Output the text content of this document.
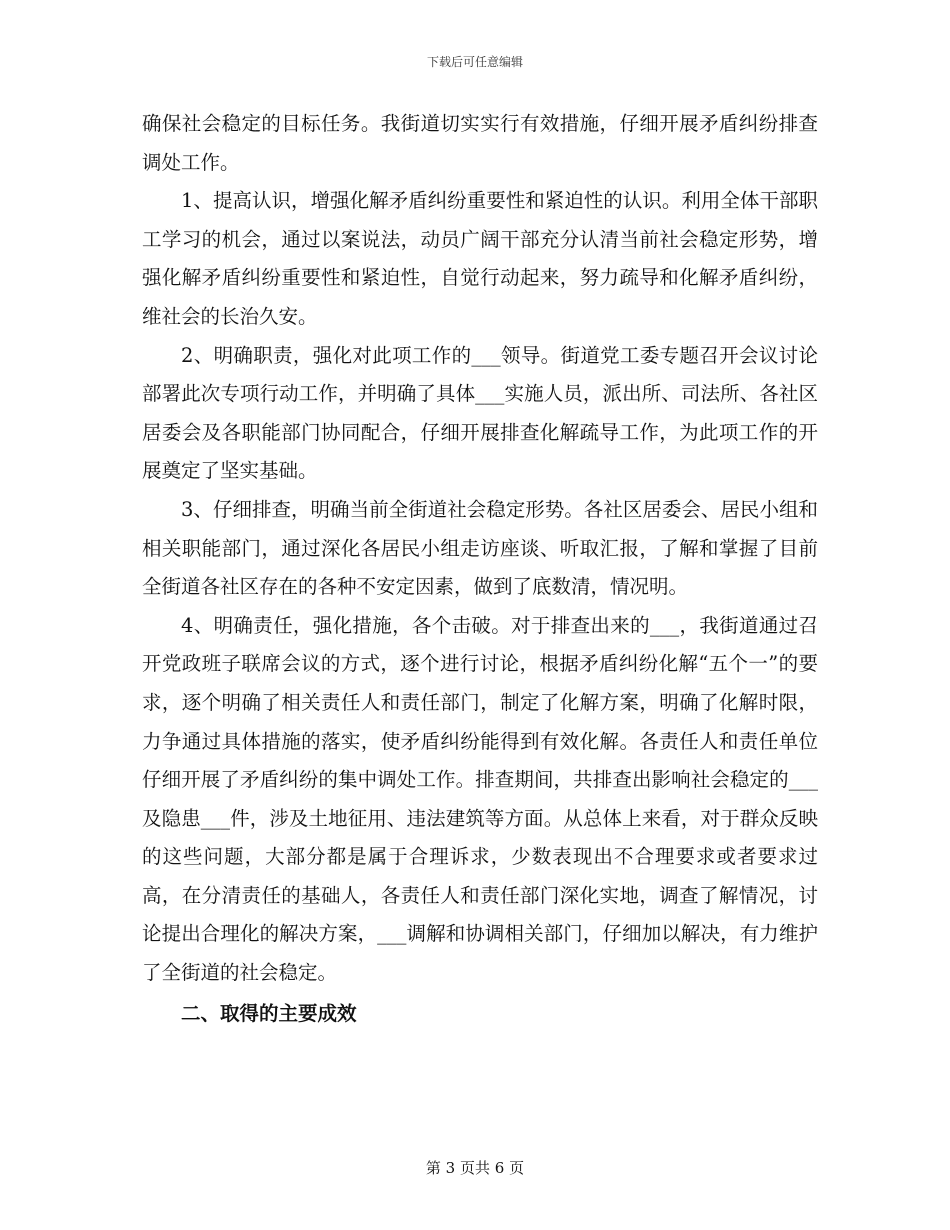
下载后可任意编辑

确保社会稳定的目标任务。我街道切实实行有效措施，仔细开展矛盾纠纷排查调处工作。

1、提高认识，增强化解矛盾纠纷重要性和紧迫性的认识。利用全体干部职工学习的机会，通过以案说法，动员广阔干部充分认清当前社会稳定形势，增强化解矛盾纠纷重要性和紧迫性，自觉行动起来，努力疏导和化解矛盾纠纷，维社会的长治久安。

2、明确职责，强化对此项工作的___领导。街道党工委专题召开会议讨论部署此次专项行动工作，并明确了具体___实施人员，派出所、司法所、各社区居委会及各职能部门协同配合，仔细开展排查化解疏导工作，为此项工作的开展奠定了坚实基础。

3、仔细排查，明确当前全街道社会稳定形势。各社区居委会、居民小组和相关职能部门，通过深化各居民小组走访座谈、听取汇报，了解和掌握了目前全街道各社区存在的各种不安定因素，做到了底数清，情况明。

4、明确责任，强化措施，各个击破。对于排查出来的___，我街道通过召开党政班子联席会议的方式，逐个进行讨论，根据矛盾纠纷化解“五个一”的要求，逐个明确了相关责任人和责任部门，制定了化解方案，明确了化解时限，力争通过具体措施的落实，使矛盾纠纷能得到有效化解。各责任人和责任单位仔细开展了矛盾纠纷的集中调处工作。排查期间，共排查出影响社会稳定的___及隐患___件，涉及土地征用、违法建筑等方面。从总体上来看，对于群众反映的这些问题，大部分都是属于合理诉求，少数表现出不合理要求或者要求过高，在分清责任的基础人，各责任人和责任部门深化实地，调查了解情况，讨论提出合理化的解决方案，___调解和协调相关部门，仔细加以解决，有力维护了全街道的社会稳定。

二、取得的主要成效

第 3 页共 6 页
